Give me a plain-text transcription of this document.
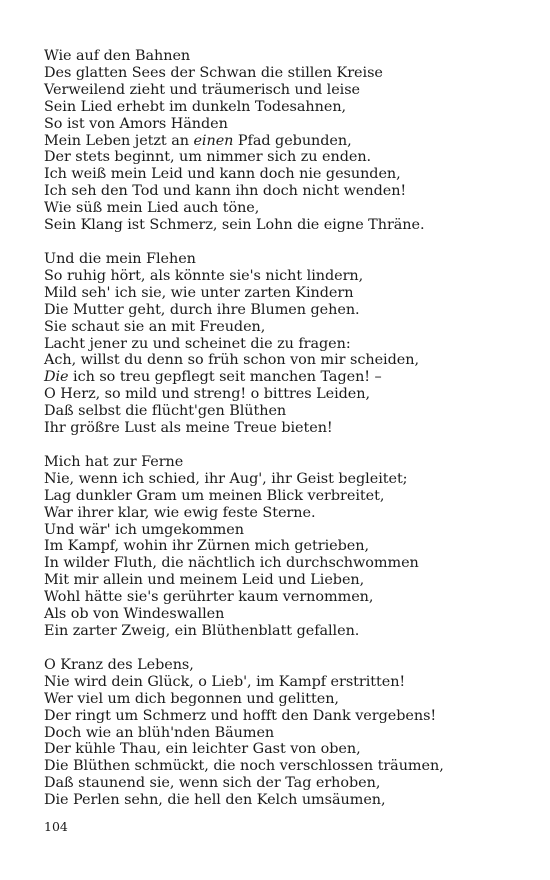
Wie auf den Bahnen
Des glatten Sees der Schwan die stillen Kreise
Verweilend zieht und träumerisch und leise
Sein Lied erhebt im dunkeln Todesahnen,
So ist von Amors Händen
Mein Leben jetzt an einen Pfad gebunden,
Der stets beginnt, um nimmer sich zu enden.
Ich weiß mein Leid und kann doch nie gesunden,
Ich seh den Tod und kann ihn doch nicht wenden!
Wie süß mein Lied auch töne,
Sein Klang ist Schmerz, sein Lohn die eigne Thräne.
Und die mein Flehen
So ruhig hört, als könnte sie's nicht lindern,
Mild seh' ich sie, wie unter zarten Kindern
Die Mutter geht, durch ihre Blumen gehen.
Sie schaut sie an mit Freuden,
Lacht jener zu und scheinet die zu fragen:
Ach, willst du denn so früh schon von mir scheiden,
Die ich so treu gepflegt seit manchen Tagen! –
O Herz, so mild und streng! o bittres Leiden,
Daß selbst die flücht'gen Blüthen
Ihr größre Lust als meine Treue bieten!
Mich hat zur Ferne
Nie, wenn ich schied, ihr Aug', ihr Geist begleitet;
Lag dunkler Gram um meinen Blick verbreitet,
War ihrer klar, wie ewig feste Sterne.
Und wär' ich umgekommen
Im Kampf, wohin ihr Zürnen mich getrieben,
In wilder Fluth, die nächtlich ich durchschwommen
Mit mir allein und meinem Leid und Lieben,
Wohl hätte sie's gerührter kaum vernommen,
Als ob von Windeswallen
Ein zarter Zweig, ein Blüthenblatt gefallen.
O Kranz des Lebens,
Nie wird dein Glück, o Lieb', im Kampf erstritten!
Wer viel um dich begonnen und gelitten,
Der ringt um Schmerz und hofft den Dank vergebens!
Doch wie an blüh'nden Bäumen
Der kühle Thau, ein leichter Gast von oben,
Die Blüthen schmückt, die noch verschlossen träumen,
Daß staunend sie, wenn sich der Tag erhoben,
Die Perlen sehn, die hell den Kelch umsäumen,
104
